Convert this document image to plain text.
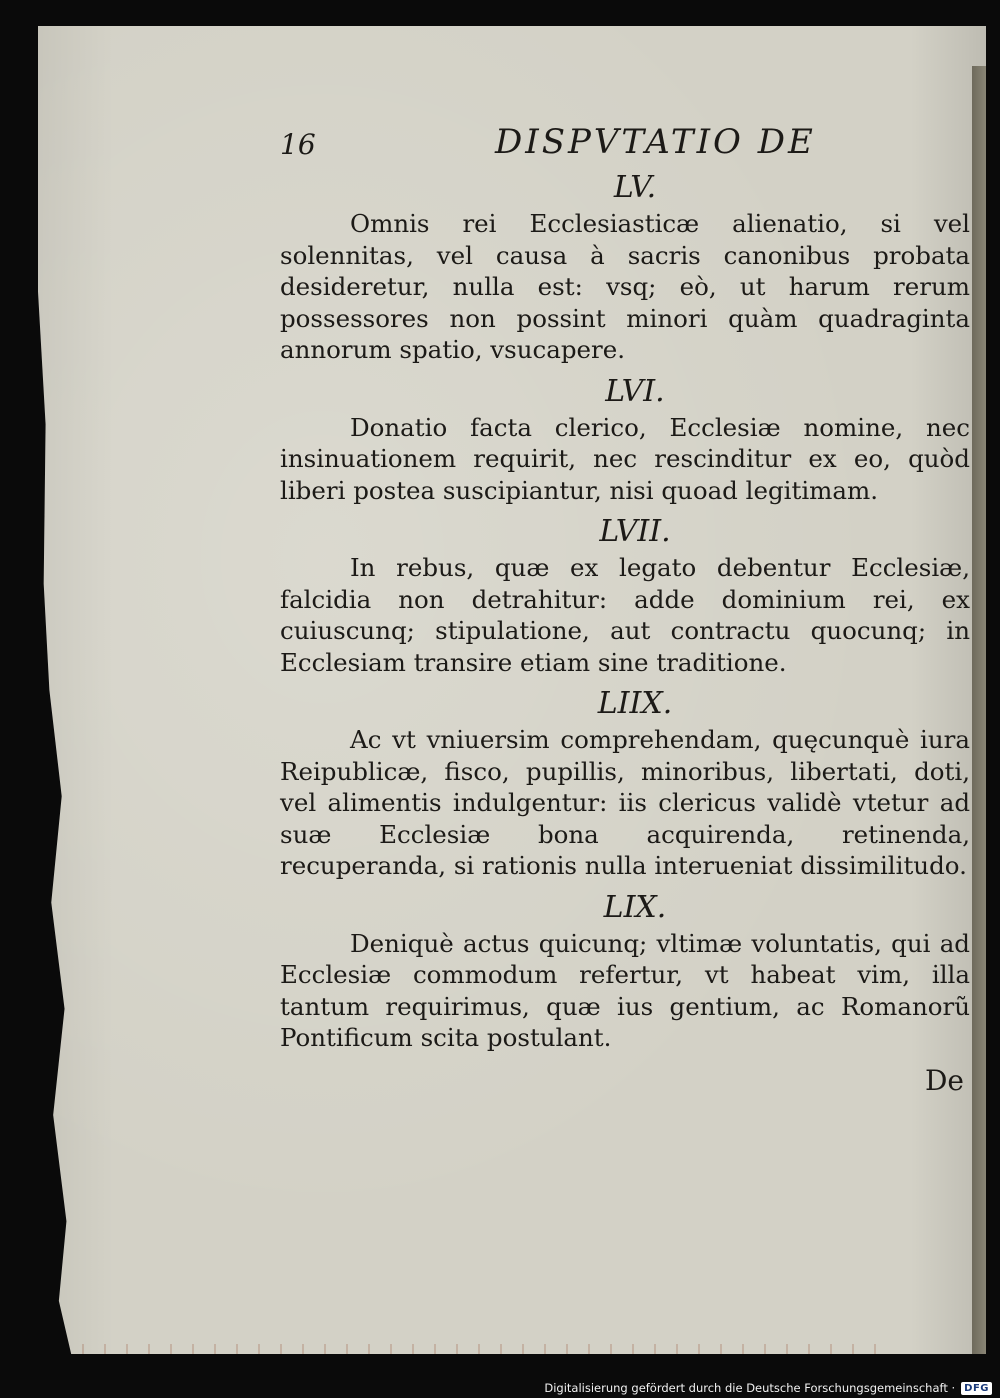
16	DISPVTATIO DE

LV.

Omnis rei Ecclesiasticæ alienatio, si vel solennitas, vel causa à sacris canonibus probata desideretur, nulla est: vsq; eò, ut harum rerum possessores non possint minori quàm quadraginta annorum spatio, vsucapere.

LVI.

Donatio facta clerico, Ecclesiæ nomine, nec insinuationem requirit, nec rescinditur ex eo, quòd liberi postea suscipiantur, nisi quoad legitimam.

LVII.

In rebus, quæ ex legato debentur Ecclesiæ, falcidia non detrahitur: adde dominium rei, ex cuiuscunq; stipulatione, aut contractu quocunq; in Ecclesiam transire etiam sine traditione.

LIIX.

Ac vt vniuersim comprehendam, quęcunquè iura Reipublicæ, fisco, pupillis, minoribus, libertati, doti, vel alimentis indulgentur: iis clericus validè vtetur ad suæ Ecclesiæ bona acquirenda, retinenda, recuperanda, si rationis nulla interueniat dissimilitudo.

LIX.

Deniquè actus quicunq; vltimæ voluntatis, qui ad Ecclesiæ commodum refertur, vt habeat vim, illa tantum requirimus, quæ ius gentium, ac Romanorũ Pontificum scita postulant.

De
Digitalisierung gefördert durch die Deutsche Forschungsgemeinschaft · DFG
